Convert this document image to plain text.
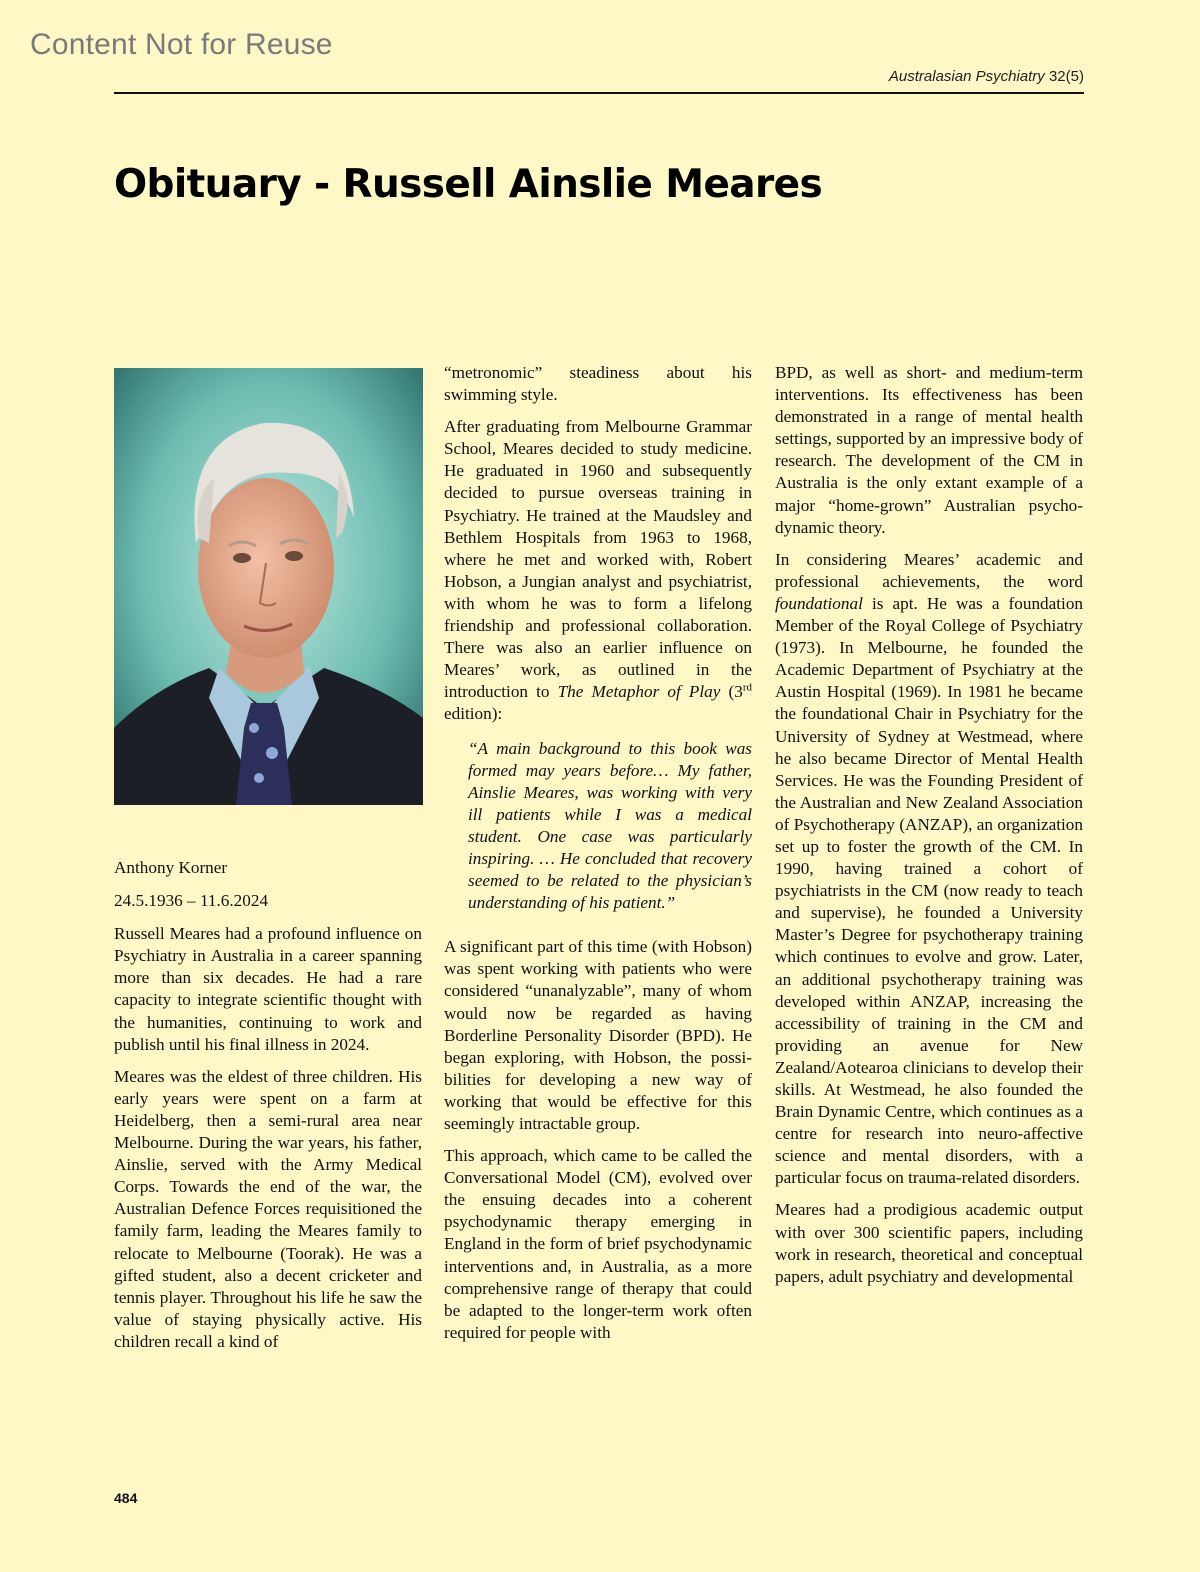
Content Not for Reuse
Australasian Psychiatry 32(5)
Obituary - Russell Ainslie Meares

Anthony Korner

24.5.1936 – 11.6.2024

Russell Meares had a profound influence on Psychiatry in Australia in a career spanning more than six decades. He had a rare capacity to integrate scientific thought with the humanities, continuing to work and publish until his final illness in 2024.

Meares was the eldest of three children. His early years were spent on a farm at Heidelberg, then a semi-rural area near Melbourne. During the war years, his father, Ainslie, served with the Army Medical Corps. Towards the end of the war, the Australian Defence Forces requisitioned the family farm, leading the Meares family to relocate to Melbourne (Toorak). He was a gifted student, also a decent cricketer and tennis player. Throughout his life he saw the value of staying physically active. His children recall a kind of

“metronomic” steadiness about his swimming style.

After graduating from Melbourne Grammar School, Meares decided to study medicine. He graduated in 1960 and subsequently decided to pursue overseas training in Psychiatry. He trained at the Maudsley and Bethlem Hospitals from 1963 to 1968, where he met and worked with, Robert Hobson, a Jungian analyst and psychiatrist, with whom he was to form a lifelong friendship and professional collaboration. There was also an earlier influence on Meares’ work, as outlined in the introduction to The Metaphor of Play (3rd edition):

“A main background to this book was formed may years before… My father, Ainslie Meares, was working with very ill patients while I was a medical student. One case was particularly inspiring. … He concluded that recovery seemed to be related to the physician’s understanding of his patient.”

A significant part of this time (with Hobson) was spent working with patients who were considered “unanalyzable”, many of whom would now be regarded as having Borderline Personality Disorder (BPD). He began exploring, with Hobson, the possibilities for developing a new way of working that would be effective for this seemingly intractable group.

This approach, which came to be called the Conversational Model (CM), evolved over the ensuing decades into a coherent psychodynamic therapy emerging in England in the form of brief psychodynamic interventions and, in Australia, as a more comprehensive range of therapy that could be adapted to the longer-term work often required for people with

BPD, as well as short- and medium-term interventions. Its effectiveness has been demonstrated in a range of mental health settings, supported by an impressive body of research. The development of the CM in Australia is the only extant example of a major “home-grown” Australian psychodynamic theory.

In considering Meares’ academic and professional achievements, the word foundational is apt. He was a foundation Member of the Royal College of Psychiatry (1973). In Melbourne, he founded the Academic Department of Psychiatry at the Austin Hospital (1969). In 1981 he became the foundational Chair in Psychiatry for the University of Sydney at Westmead, where he also became Director of Mental Health Services. He was the Founding President of the Australian and New Zealand Association of Psychotherapy (ANZAP), an organization set up to foster the growth of the CM. In 1990, having trained a cohort of psychiatrists in the CM (now ready to teach and supervise), he founded a University Master’s Degree for psychotherapy training which continues to evolve and grow. Later, an additional psychotherapy training was developed within ANZAP, increasing the accessibility of training in the CM and providing an avenue for New Zealand/Aotearoa clinicians to develop their skills. At Westmead, he also founded the Brain Dynamic Centre, which continues as a centre for research into neuro-affective science and mental disorders, with a particular focus on trauma-related disorders.

Meares had a prodigious academic output with over 300 scientific papers, including work in research, theoretical and conceptual papers, adult psychiatry and developmental

484
